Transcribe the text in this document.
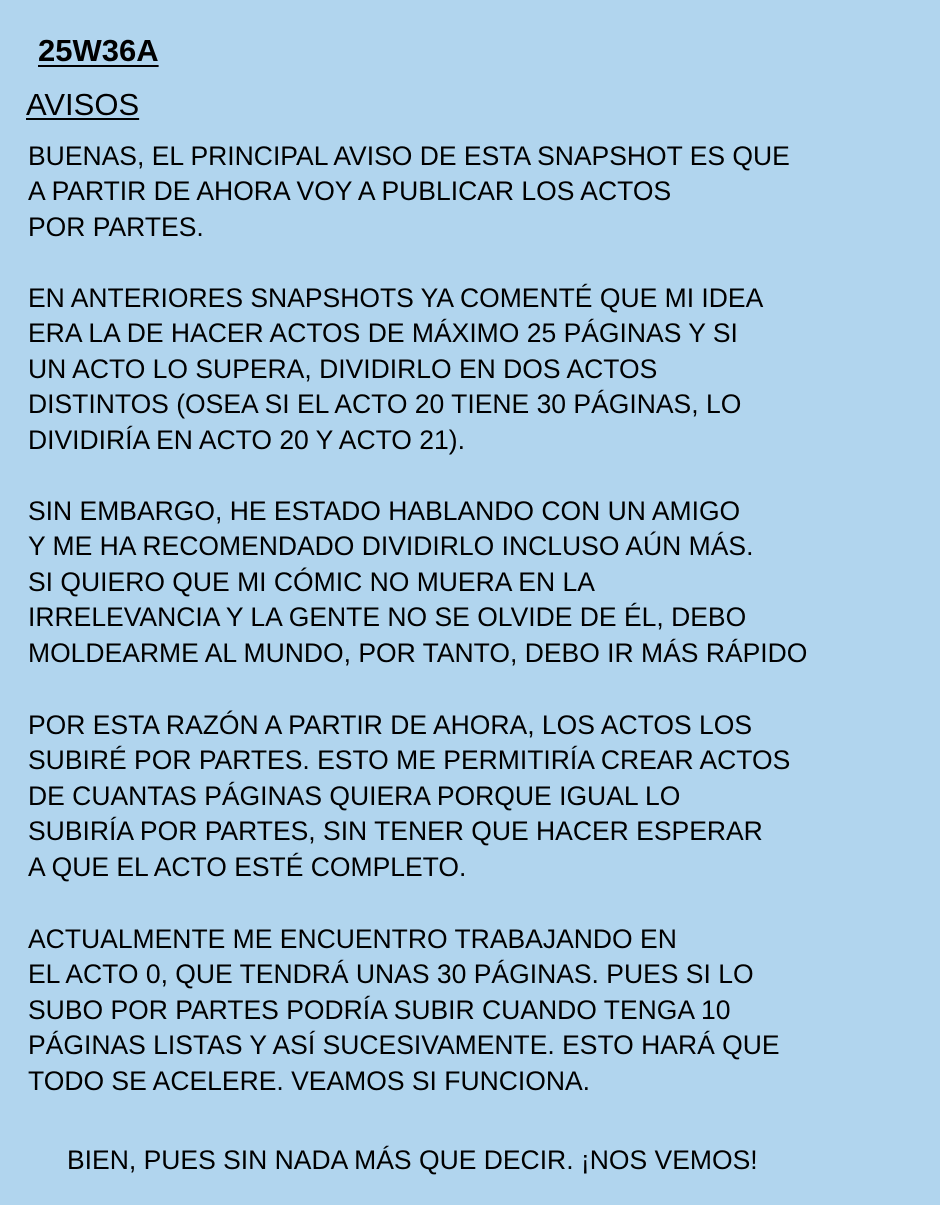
25W36A
AVISOS
BUENAS, EL PRINCIPAL AVISO DE ESTA SNAPSHOT ES QUE
A PARTIR DE AHORA VOY A PUBLICAR LOS ACTOS
POR PARTES.
EN ANTERIORES SNAPSHOTS YA COMENTÉ QUE MI IDEA
ERA LA DE HACER ACTOS DE MÁXIMO 25 PÁGINAS Y SI
UN ACTO LO SUPERA, DIVIDIRLO EN DOS ACTOS
DISTINTOS (OSEA SI EL ACTO 20 TIENE 30 PÁGINAS, LO
DIVIDIRÍA EN ACTO 20 Y ACTO 21).
SIN EMBARGO, HE ESTADO HABLANDO CON UN AMIGO
Y ME HA RECOMENDADO DIVIDIRLO INCLUSO AÚN MÁS.
SI QUIERO QUE MI CÓMIC NO MUERA EN LA
IRRELEVANCIA Y LA GENTE NO SE OLVIDE DE ÉL, DEBO
MOLDEARME AL MUNDO, POR TANTO, DEBO IR MÁS RÁPIDO
POR ESTA RAZÓN A PARTIR DE AHORA, LOS ACTOS LOS
SUBIRÉ POR PARTES. ESTO ME PERMITIRÍA CREAR ACTOS
DE CUANTAS PÁGINAS QUIERA PORQUE IGUAL LO
SUBIRÍA POR PARTES, SIN TENER QUE HACER ESPERAR
A QUE EL ACTO ESTÉ COMPLETO.
ACTUALMENTE ME ENCUENTRO TRABAJANDO EN
EL ACTO 0, QUE TENDRÁ UNAS 30 PÁGINAS. PUES SI LO
SUBO POR PARTES PODRÍA SUBIR CUANDO TENGA 10
PÁGINAS LISTAS Y ASÍ SUCESIVAMENTE. ESTO HARÁ QUE
TODO SE ACELERE. VEAMOS SI FUNCIONA.
BIEN, PUES SIN NADA MÁS QUE DECIR. ¡NOS VEMOS!
